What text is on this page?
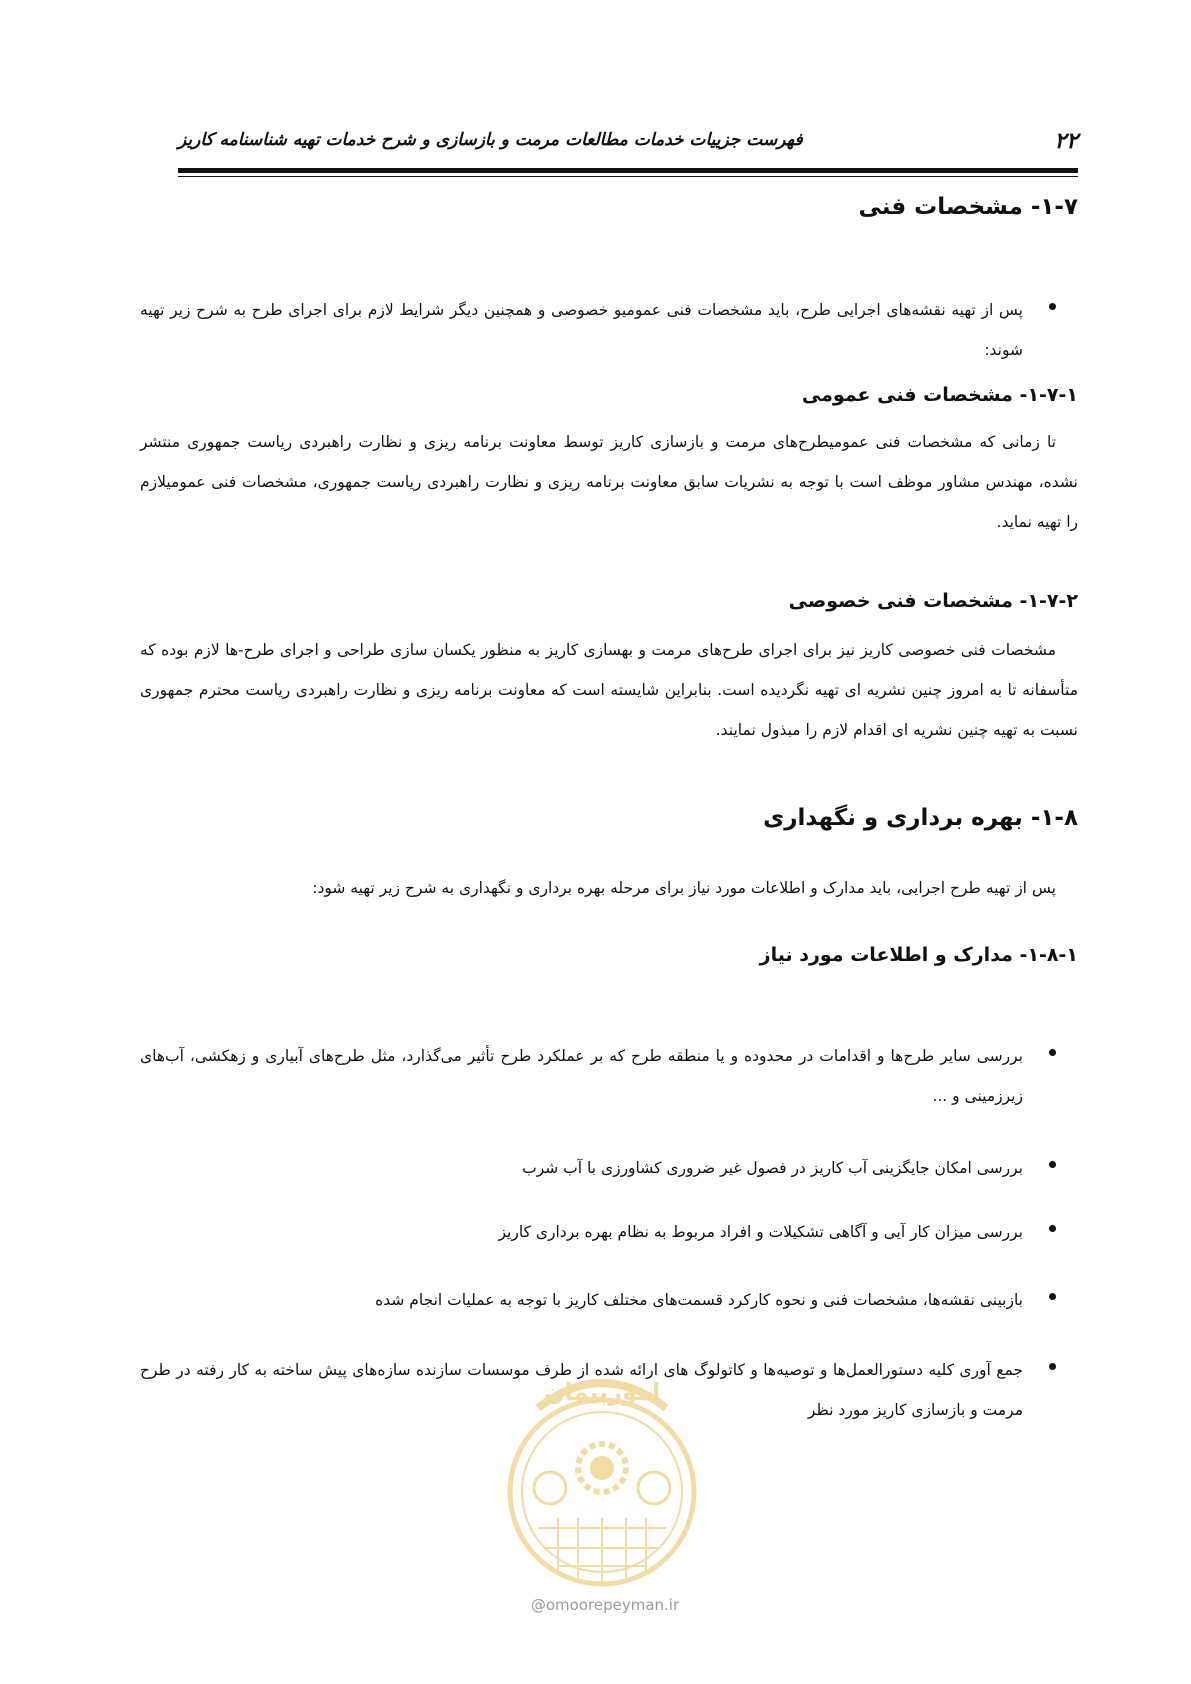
۲۲
فهرست جزییات خدمات مطالعات مرمت و بازسازی و شرح خدمات تهیه شناسنامه کاریز
۱-۷- مشخصات فنی
پس از تهیه نقشه‌های اجرایی طرح، باید مشخصات فنی عمومیو خصوصی و همچنین دیگر شرایط لازم برای اجرای طرح به شرح زیر تهیه شوند:
۱-۷-۱- مشخصات فنی عمومی

تا زمانی که مشخصات فنی عمومیطرح‌های مرمت و بازسازی کاریز توسط معاونت برنامه ریزی و نظارت راهبردی ریاست جمهوری منتشر نشده، مهندس مشاور موظف است با توجه به نشریات سابق معاونت برنامه ریزی و نظارت راهبردی ریاست جمهوری، مشخصات فنی عمومیلازم را تهیه نماید.

۱-۷-۲- مشخصات فنی خصوصی

مشخصات فنی خصوصی کاریز نیز برای اجرای طرح‌های مرمت و بهسازی کاریز به منظور یکسان سازی طراحی و اجرای طرح-ها لازم بوده که متأسفانه تا به امروز چنین نشریه ای تهیه نگردیده است. بنابراین شایسته است که معاونت برنامه ریزی و نظارت راهبردی ریاست محترم جمهوری نسبت به تهیه چنین نشریه ای اقدام لازم را مبذول نمایند.

۱-۸- بهره برداری و نگهداری

پس از تهیه طرح اجرایی، باید مدارک و اطلاعات مورد نیاز برای مرحله بهره برداری و نگهداری به شرح زیر تهیه شود:

۱-۸-۱- مدارک و اطلاعات مورد نیاز
بررسی سایر طرح‌ها و اقدامات در محدوده و یا منطقه طرح که بر عملکرد طرح تأثیر می‌گذارد، مثل طرح‌های آبیاری و زهکشی، آب‌های زیرزمینی و ...
بررسی امکان جایگزینی آب کاریز در فصول غیر ضروری کشاورزی با آب شرب
بررسی میزان کار آیی و آگاهی تشکیلات و افراد مربوط به نظام بهره برداری کاریز
بازبینی نقشه‌ها، مشخصات فنی و نحوه کارکرد قسمت‌های مختلف کاریز با توجه به عملیات انجام شده
جمع آوری کلیه دستورالعمل‌ها و توصیه‌ها و کاتولوگ های ارائه شده از طرف موسسات سازنده سازه‌های پیش ساخته به کار رفته در طرح مرمت و بازسازی کاریز مورد نظر
امورپیمان
@omoorepeyman.ir
